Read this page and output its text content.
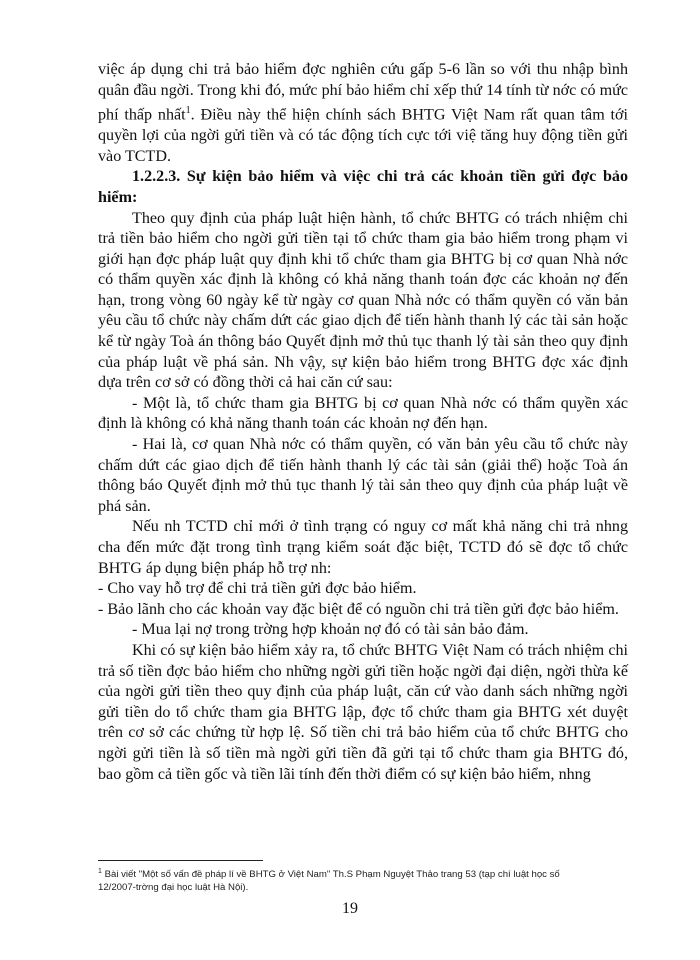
việc áp dụng chi trả bảo hiểm đợc nghiên cứu gấp 5-6 lần so với thu nhập bình quân đầu ngời. Trong khi đó, mức phí bảo hiểm chỉ xếp thứ 14 tính từ nớc có mức phí thấp nhất$^1$. Điều này thể hiện chính sách BHTG Việt Nam rất quan tâm tới quyền lợi của ngời gửi tiền và có tác động tích cực tới việ tăng huy động tiền gửi vào TCTD.

1.2.2.3. Sự kiện bảo hiểm và việc chi trả các khoản tiền gửi đợc bảo hiểm:

Theo quy định của pháp luật hiện hành, tổ chức BHTG có trách nhiệm chi trả tiền bảo hiểm cho ngời gửi tiền tại tổ chức tham gia bảo hiểm trong phạm vi giới hạn đợc pháp luật quy định khi tổ chức tham gia BHTG bị cơ quan Nhà nớc có thẩm quyền xác định là không có khả năng thanh toán đợc các khoản nợ đến hạn, trong vòng 60 ngày kể từ ngày cơ quan Nhà nớc có thẩm quyền có văn bản yêu cầu tổ chức này chấm dứt các giao dịch để tiến hành thanh lý các tài sản hoặc kể từ ngày Toà án thông báo Quyết định mở thủ tục thanh lý tài sản theo quy định của pháp luật về phá sản. Nh vậy, sự kiện bảo hiểm trong BHTG đợc xác định dựa trên cơ sở có đồng thời cả hai căn cứ sau:

- Một là, tổ chức tham gia BHTG bị cơ quan Nhà nớc có thẩm quyền xác định là không có khả năng thanh toán các khoản nợ đến hạn.

- Hai là, cơ quan Nhà nớc có thẩm quyền, có văn bản yêu cầu tổ chức này chấm dứt các giao dịch để tiến hành thanh lý các tài sản (giải thể) hoặc Toà án thông báo Quyết định mở thủ tục thanh lý tài sản theo quy định của pháp luật về phá sản.

Nếu nh TCTD chỉ mới ở tình trạng có nguy cơ mất khả năng chi trả nhng cha đến mức đặt trong tình trạng kiểm soát đặc biệt, TCTD đó sẽ đợc tổ chức BHTG áp dụng biện pháp hỗ trợ nh:

- Cho vay hỗ trợ để chi trả tiền gửi đợc bảo hiểm.

- Bảo lãnh cho các khoản vay đặc biệt để có nguồn chi trả tiền gửi đợc bảo hiểm.

- Mua lại nợ trong trờng hợp khoản nợ đó có tài sản bảo đảm.

Khi có sự kiện bảo hiểm xảy ra, tổ chức BHTG Việt Nam có trách nhiệm chi trả số tiền đợc bảo hiểm cho những ngời gửi tiền hoặc ngời đại diện, ngời thừa kế của ngời gửi tiền theo quy định của pháp luật, căn cứ vào danh sách những ngời gửi tiền do tổ chức tham gia BHTG lập, đợc tổ chức tham gia BHTG xét duyệt trên cơ sở các chứng từ hợp lệ. Số tiền chi trả bảo hiểm của tổ chức BHTG cho ngời gửi tiền là số tiền mà ngời gửi tiền đã gửi tại tổ chức tham gia BHTG đó, bao gồm cả tiền gốc và tiền lãi tính đến thời điểm có sự kiện bảo hiểm, nhng

$^1$ Bài viết "Một số vấn đề pháp lí về BHTG ở Việt Nam" Th.S Phạm Nguyệt Thảo trang 53 (tạp chí luật học số 12/2007-trờng đại học luật Hà Nội).
19
